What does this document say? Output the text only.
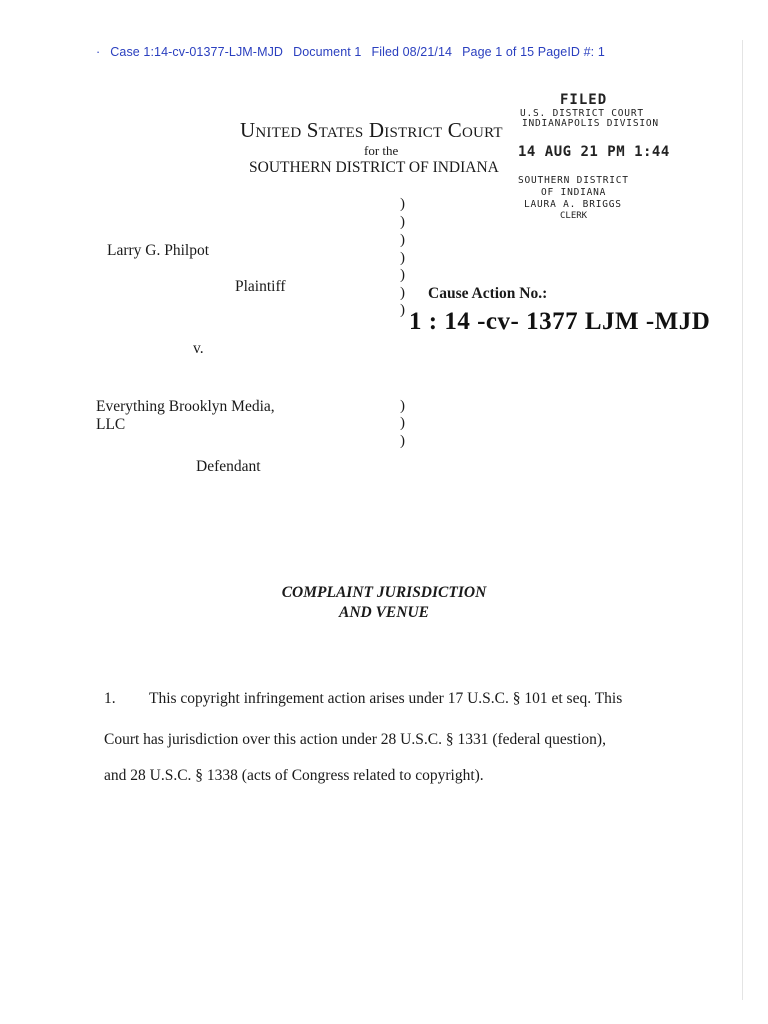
· Case 1:14-cv-01377-LJM-MJD Document 1 Filed 08/21/14 Page 1 of 15 PageID #: 1
FILED
U.S. DISTRICT COURT
INDIANAPOLIS DIVISION
14 AUG 21 PM 1:44
SOUTHERN DISTRICT
OF INDIANA
LAURA A. BRIGGS
CLERK
United States District Court
for the
SOUTHERN DISTRICT OF INDIANA
)
)
)
)
)
)
)
)
)
)
Larry G. Philpot
Plaintiff
v.
Everything Brooklyn Media,
LLC
Defendant
Cause Action No.:
1 : 14 -cv- 1377 LJM -MJD
COMPLAINT JURISDICTION
AND VENUE
1. This copyright infringement action arises under 17 U.S.C. § 101 et seq. This
Court has jurisdiction over this action under 28 U.S.C. § 1331 (federal question),
and 28 U.S.C. § 1338 (acts of Congress related to copyright).
